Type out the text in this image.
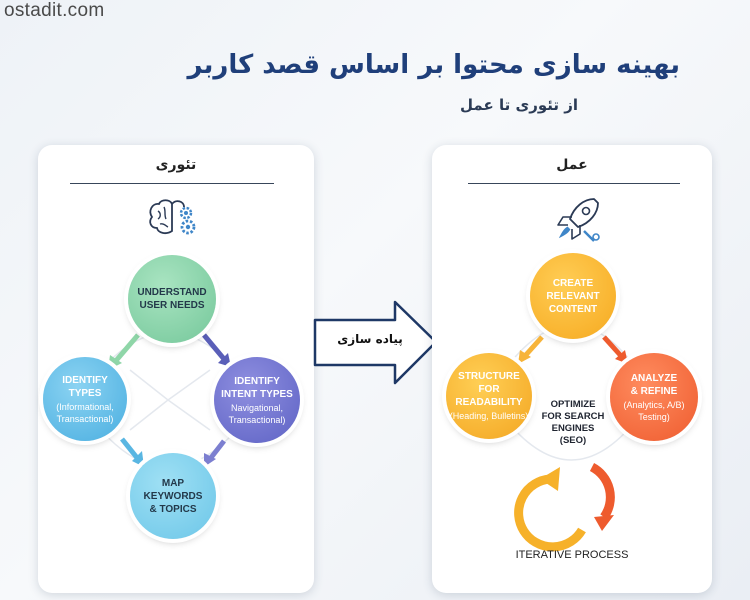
ostadit.com
بهینه سازی محتوا بر اساس قصد کاربر
از تئوری تا عمل
تئوری
UNDERSTAND
USER NEEDS
IDENTIFY
TYPES
(Informational,
Transactional)
IDENTIFY
INTENT TYPES
Navigational,
Transactional)
MAP
KEYWORDS
& TOPICS
پیاده سازی
عمل
CREATE
RELEVANT
CONTENT
STRUCTURE
FOR READABILITY
(Heading, Bulletins)
ANALYZE
& REFINE
(Analytics, A/B)
Testing)
OPTIMIZE
FOR SEARCH
ENGINES
(SEO)
ITERATIVE PROCESS
